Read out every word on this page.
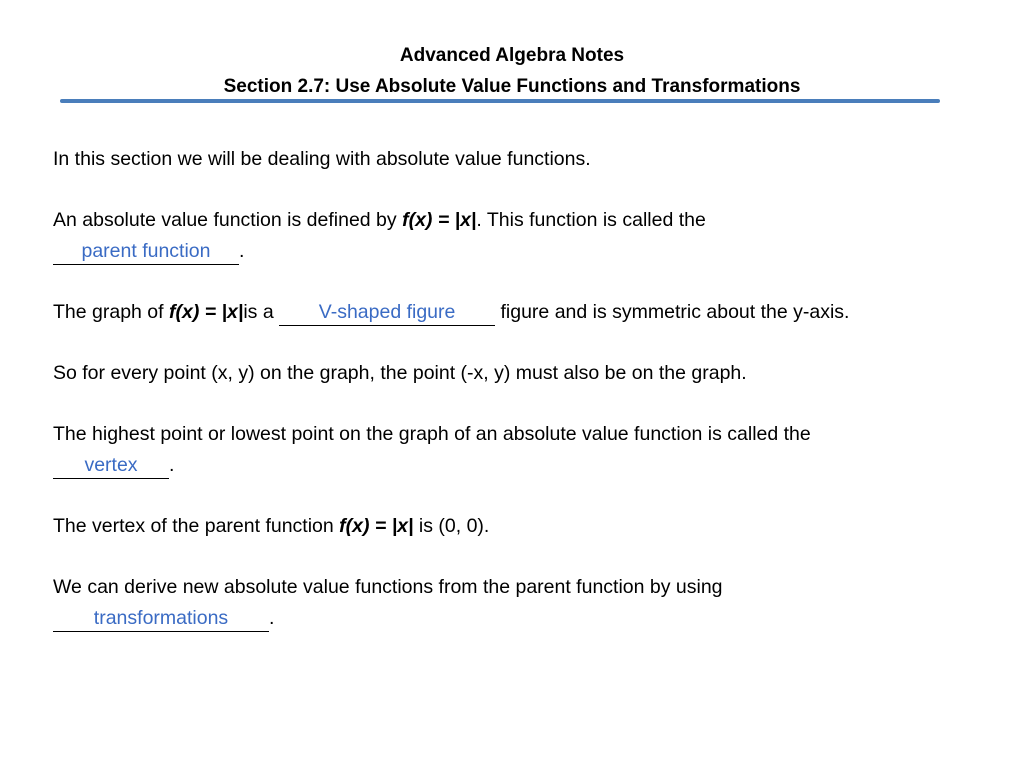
Advanced Algebra Notes
Section 2.7: Use Absolute Value Functions and Transformations

In this section we will be dealing with absolute value functions.

An absolute value function is defined by f(x) = |x|. This function is called the
parent function .

The graph of f(x) = |x|is a V-shaped figure figure and is symmetric about the y-axis.

So for every point (x, y) on the graph, the point (-x, y) must also be on the graph.

The highest point or lowest point on the graph of an absolute value function is called the
vertex .

The vertex of the parent function f(x) = |x| is (0, 0).

We can derive new absolute value functions from the parent function by using
transformations .
